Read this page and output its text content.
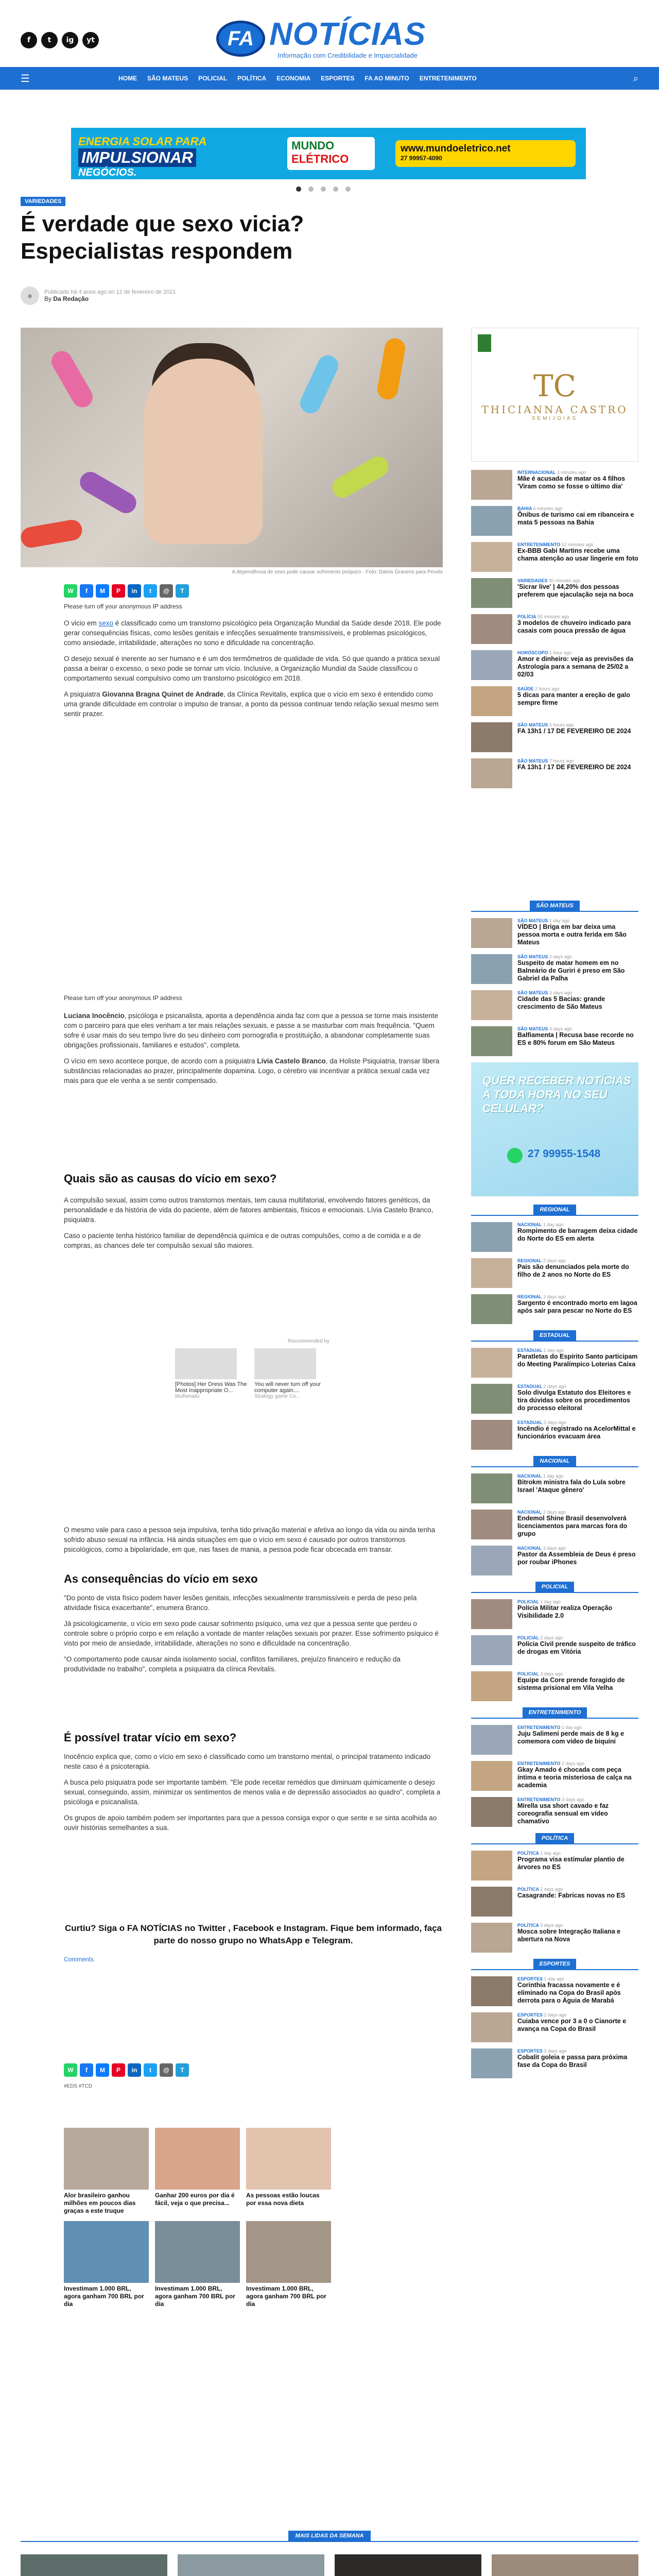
f	t	ig	yt	FA NOTÍCIAS
Informação com Credibilidade e Imparcialidade
☰	HOME	SÃO MATEUS	POLICIAL	POLÍTICA	ECONOMIA	ESPORTES	FA AO MINUTO	ENTRETENIMENTO	⌕
ENERGIA SOLAR PARA
IMPULSIONAR
NEGÓCIOS.
MUNDO
ELÉTRICO
www.mundoeletrico.net
27 99957-4090
VARIEDADES
É verdade que sexo vicia? Especialistas respondem
●	Publicado há 4 anos ago on 12 de fevereiro de 2021
By Da Redação
A dependência de sexo pode causar sofrimento psíquico - Foto: Dainis Graveris para Pexels
W	f	M	P	in	t	@	T
Please turn off your anonymous IP address

O vicio em sexo é classificado como um transtorno psicológico pela Organização Mundial da Saúde desde 2018. Ele pode gerar consequências físicas, como lesões genitais e infecções sexualmente transmissíveis, e problemas psicológicos, como ansiedade, irritabilidade, alterações no sono e dificuldade na concentração.

O desejo sexual é inerente ao ser humano e é um dos termômetros de qualidade de vida. Só que quando a prática sexual passa a beirar o excesso, o sexo pode se tornar um vício. Inclusive, a Organização Mundial da Saúde classificou o comportamento sexual compulsivo como um transtorno psicológico em 2018.

A psiquiatra Giovanna Bragna Quinet de Andrade, da Clínica Revitalis, explica que o vício em sexo é entendido como uma grande dificuldade em controlar o impulso de transar, a ponto da pessoa continuar tendo relação sexual mesmo sem sentir prazer.

Please turn off your anonymous IP address

Luciana Inocêncio, psicóloga e psicanalista, aponta a dependência ainda faz com que a pessoa se torne mais insistente com o parceiro para que eles venham a ter mais relações sexuais, e passe a se masturbar com mais frequência. "Quem sofre é usar mais do seu tempo livre do seu dinheiro com pornografia e prostituição, a abandonar completamente suas obrigações profissionais, familiares e estudos", completa.

O vício em sexo acontece porque, de acordo com a psiquiatra Lívia Castelo Branco, da Holiste Psiquiatria, transar libera substâncias relacionadas ao prazer, principalmente dopamina. Logo, o cérebro vai incentivar a prática sexual cada vez mais para que ele venha a se sentir compensado.

Quais são as causas do vício em sexo?

A compulsão sexual, assim como outros transtornos mentais, tem causa multifatorial, envolvendo fatores genéticos, da personalidade e da história de vida do paciente, além de fatores ambientais, físicos e emocionais. Lívia Castelo Branco, psiquiatra.

Caso o paciente tenha histórico familiar de dependência química e de outras compulsões, como a de comida e a de compras, as chances dele ter compulsão sexual são maiores.

Recommended by
[Photos] Her Dress Was The Most Inappropriate O...
Mulherado
You will never turn off your computer again....
Strategy game Co...

O mesmo vale para caso a pessoa seja impulsiva, tenha tido privação material e afetiva ao longo da vida ou ainda tenha sofrido abuso sexual na infância. Há ainda situações em que o vício em sexo é causado por outros transtornos psicológicos, como a bipolaridade, em que, nas fases de mania, a pessoa pode ficar obcecada em transar.

As consequências do vício em sexo

"Do ponto de vista físico podem haver lesões genitais, infecções sexualmente transmissíveis e perda de peso pela atividade física exacerbante", enumera Branco.

Já psicologicamente, o vício em sexo pode causar sofrimento psíquico, uma vez que a pessoa sente que perdeu o controle sobre o próprio corpo e em relação a vontade de manter relações sexuais por prazer. Esse sofrimento psíquico é visto por meio de ansiedade, irritabilidade, alterações no sono e dificuldade na concentração.

"O comportamento pode causar ainda isolamento social, conflitos familiares, prejuízo financeiro e redução da produtividade no trabalho", completa a psiquiatra da clínica Revitalis.

É possível tratar vício em sexo?

Inocêncio explica que, como o vício em sexo é classificado como um transtorno mental, o principal tratamento indicado neste caso é a psicoterapia.

A busca pelo psiquiatra pode ser importante também. "Ele pode receitar remédios que diminuam quimicamente o desejo sexual, conseguindo, assim, minimizar os sentimentos de menos valia e de depressão associados ao quadro", completa a psicóloga e psicanalista.

Os grupos de apoio também podem ser importantes para que a pessoa consiga expor o que sente e se sinta acolhida ao ouvir histórias semelhantes a sua.

Curtiu? Siga o FA NOTÍCIAS no Twitter , Facebook e Instagram. Fique bem informado, faça parte do nosso grupo no WhatsApp e Telegram.
Comments
W	f	M	P	in	t	@	T
#EDS #TCD
Alor brasileiro ganhou milhões em poucos dias graças a este truque
Ganhar 200 euros por dia é fácil, veja o que precisa...
As pessoas estão loucas por essa nova dieta
Investimam 1.000 BRL, agora ganham 700 BRL por dia
Investimam 1.000 BRL, agora ganham 700 BRL por dia
Investimam 1.000 BRL, agora ganham 700 BRL por dia
TC
THICIANNA CASTRO
SEMIJOIAS
INTERNACIONAL 2 minutes ago
Mãe é acusada de matar os 4 filhos 'Viram como se fosse o último dia'
BAHIA 6 minutes ago
Ônibus de turismo cai em ribanceira e mata 5 pessoas na Bahia
ENTRETENIMENTO 12 minutes ago
Ex-BBB Gabi Martins recebe uma chama atenção ao usar lingerie em foto
VARIEDADES 30 minutes ago
'Sicrar live' | 44,20% dos pessoas preferem que ejaculação seja na boca
POLÍCIA 50 minutes ago
3 modelos de chuveiro indicado para casais com pouca pressão de água
HORÓSCOPO 1 hour ago
Amor e dinheiro: veja as previsões da Astrologia para a semana de 25/02 a 02/03
SAÚDE 2 hours ago
5 dicas para manter a ereção de galo sempre firme
SÃO MATEUS 5 hours ago
FA 13h1 / 17 DE FEVEREIRO DE 2024
SÃO MATEUS 7 hours ago
FA 13h1 / 17 DE FEVEREIRO DE 2024
SÃO MATEUS
SÃO MATEUS 1 day ago
VÍDEO | Briga em bar deixa uma pessoa morta e outra ferida em São Mateus
SÃO MATEUS 2 days ago
Suspeito de matar homem em no Balneário de Guriri é preso em São Gabriel da Palha
SÃO MATEUS 3 days ago
Cidade das 5 Bacias: grande crescimento de São Mateus
SÃO MATEUS 4 days ago
Balfiamenta | Recusa base recorde no ES e 80% forum em São Mateus
QUER RECEBER NOTÍCIAS A TODA HORA NO SEU CELULAR?
27 99955-1548
REGIONAL
NACIONAL 1 day ago
Rompimento de barragem deixa cidade do Norte do ES em alerta
REGIONAL 2 days ago
Pais são denunciados pela morte do filho de 2 anos no Norte do ES
REGIONAL 3 days ago
Sargento é encontrado morto em lagoa após sair para pescar no Norte do ES
ESTADUAL
ESTADUAL 1 day ago
Paratletas do Espírito Santo participam do Meeting Paralímpico Loterias Caixa
ESTADUAL 2 days ago
Solo divulga Estatuto dos Eleitores e tira dúvidas sobre os procedimentos do processo eleitoral
ESTADUAL 3 days ago
Incêndio é registrado na AcelorMittal e funcionários evacuam área
NACIONAL
NACIONAL 1 day ago
Bitrokm ministra fala do Lula sobre Israel 'Ataque gênero'
NACIONAL 2 days ago
Endemol Shine Brasil desenvolverá licenciamentos para marcas fora do grupo
NACIONAL 3 days ago
Pastor da Assembleia de Deus é preso por roubar iPhones
POLICIAL
POLICIAL 1 day ago
Polícia Militar realiza Operação Visibilidade 2.0
POLICIAL 2 days ago
Polícia Civil prende suspeito de tráfico de drogas em Vitória
POLICIAL 3 days ago
Equipe da Core prende foragido de sistema prisional em Vila Velha
ENTRETENIMENTO
ENTRETENIMENTO 1 day ago
Juju Salimeni perde mais de 8 kg e comemora com vídeo de biquíni
ENTRETENIMENTO 2 days ago
Gkay Amado é chocada com peça íntima e teoria misteriosa de calça na academia
ENTRETENIMENTO 3 days ago
Mirella usa short cavado e faz coreografia sensual em vídeo chamativo
POLÍTICA
POLÍTICA 1 day ago
Programa visa estimular plantio de árvores no ES
POLÍTICA 2 days ago
Casagrande: Fabricas novas no ES
POLÍTICA 3 days ago
Mosca sobre Integração Italiana e abertura na Nova
ESPORTES
ESPORTES 1 day ago
Corinthia fracassa novamente e é eliminado na Copa do Brasil após derrota para o Águia de Marabá
ESPORTES 2 days ago
Cuiaba vence por 3 a 0 o Cianorte e avança na Copa do Brasil
ESPORTES 3 days ago
Cobalit goleia e passa para próxima fase da Copa do Brasil
MAIS LIDAS DA SEMANA
